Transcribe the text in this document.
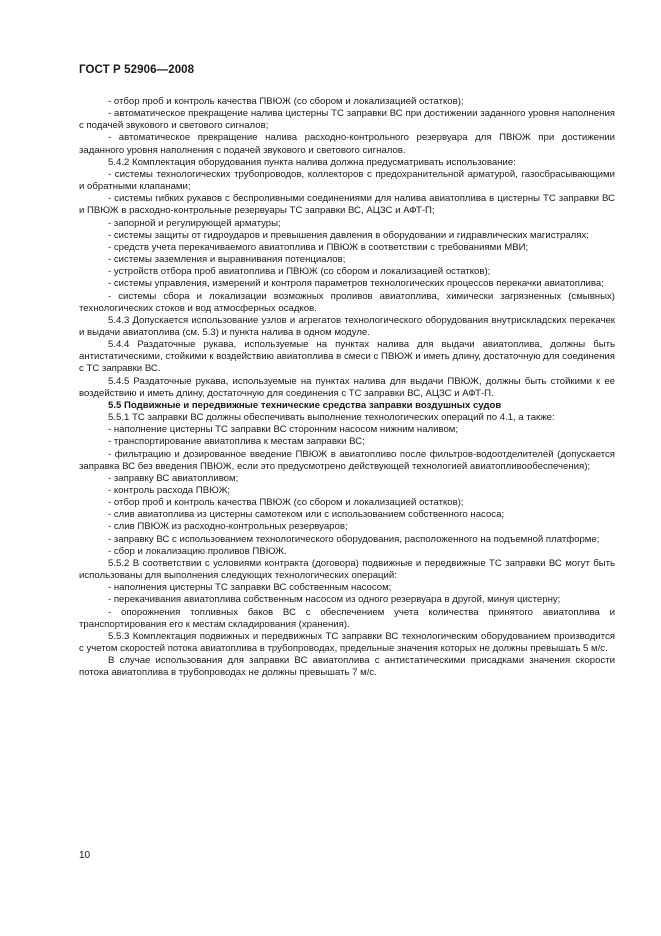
ГОСТ Р 52906—2008

- отбор проб и контроль качества ПВЮЖ (со сбором и локализацией остатков);

- автоматическое прекращение налива цистерны ТС заправки ВС при достижении заданного уровня наполнения с подачей звукового и светового сигналов;

- автоматическое прекращение налива расходно-контрольного резервуара для ПВЮЖ при достижении заданного уровня наполнения с подачей звукового и светового сигналов.

5.4.2 Комплектация оборудования пункта налива должна предусматривать использование:

- системы технологических трубопроводов, коллекторов с предохранительной арматурой, газосбрасывающими и обратными клапанами;

- системы гибких рукавов с беспроливными соединениями для налива авиатоплива в цистерны ТС заправки ВС и ПВЮЖ в расходно-контрольные резервуары ТС заправки ВС, АЦЗС и АФТ-П;

- запорной и регулирующей арматуры;

- системы защиты от гидроударов и превышения давления в оборудовании и гидравлических магистралях;

- средств учета перекачиваемого авиатоплива и ПВЮЖ в соответствии с требованиями МВИ;

- системы заземления и выравнивания потенциалов;

- устройств отбора проб авиатоплива и ПВЮЖ (со сбором и локализацией остатков);

- системы управления, измерений и контроля параметров технологических процессов перекачки авиатоплива;

- системы сбора и локализации возможных проливов авиатоплива, химически загрязненных (смывных) технологических стоков и вод атмосферных осадков.

5.4.3 Допускается использование узлов и агрегатов технологического оборудования внутрискладских перекачек и выдачи авиатоплива (см. 5.3) и пункта налива в одном модуле.

5.4.4 Раздаточные рукава, используемые на пунктах налива для выдачи авиатоплива, должны быть антистатическими, стойкими к воздействию авиатоплива в смеси с ПВЮЖ и иметь длину, достаточную для соединения с ТС заправки ВС.

5.4.5 Раздаточные рукава, используемые на пунктах налива для выдачи ПВЮЖ, должны быть стойкими к ее воздействию и иметь длину, достаточную для соединения с ТС заправки ВС, АЦЗС и АФТ-П.

5.5 Подвижные и передвижные технические средства заправки воздушных судов

5.5.1 ТС заправки ВС должны обеспечивать выполнение технологических операций по 4.1, а также:

- наполнение цистерны ТС заправки ВС сторонним насосом нижним наливом;

- транспортирование авиатоплива к местам заправки ВС;

- фильтрацию и дозированное введение ПВЮЖ в авиатопливо после фильтров-водоотделителей (допускается заправка ВС без введения ПВЮЖ, если это предусмотрено действующей технологией авиатопливообеспечения);

- заправку ВС авиатопливом;

- контроль расхода ПВЮЖ;

- отбор проб и контроль качества ПВЮЖ (со сбором и локализацией остатков);

- слив авиатоплива из цистерны самотеком или с использованием собственного насоса;

- слив ПВЮЖ из расходно-контрольных резервуаров;

- заправку ВС с использованием технологического оборудования, расположенного на подъемной платформе;

- сбор и локализацию проливов ПВЮЖ.

5.5.2 В соответствии с условиями контракта (договора) подвижные и передвижные ТС заправки ВС могут быть использованы для выполнения следующих технологических операций:

- наполнения цистерны ТС заправки ВС собственным насосом;

- перекачивания авиатоплива собственным насосом из одного резервуара в другой, минуя цистерну;

- опорожнения топливных баков ВС с обеспечением учета количества принятого авиатоплива и транспортирования его к местам складирования (хранения).

5.5.3 Комплектация подвижных и передвижных ТС заправки ВС технологическим оборудованием производится с учетом скоростей потока авиатоплива в трубопроводах, предельные значения которых не должны превышать 5 м/с.

В случае использования для заправки ВС авиатоплива с антистатическими присадками значения скорости потока авиатоплива в трубопроводах не должны превышать 7 м/с.

10
